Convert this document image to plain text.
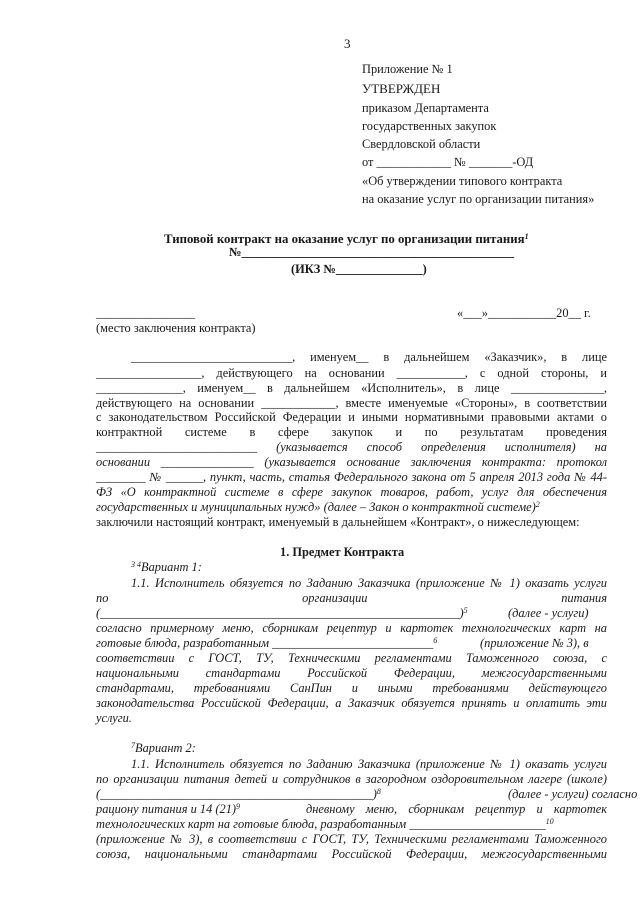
3
Приложение № 1
УТВЕРЖДЕН
приказом Департамента
государственных закупок
Свердловской области
от ____________ № _______-ОД
«Об утверждении типового контракта
на оказание услуг по организации питания»
Типовой контракт на оказание услуг по организации питания$^1$
№____________________________________________
(ИКЗ №______________)
________________	«___»___________20__ г.
(место заключения контракта)
__________________________, именуем__ в дальнейшем «Заказчик», в лице
_________________, действующего на основании ___________, с одной стороны, и
______________, именуем__ в дальнейшем «Исполнитель», в лице _______________,
действующего на основании ____________, вместе именуемые «Стороны», в соответствии
с законодательством Российской Федерации и иными нормативными правовыми актами о
контрактной системе в сфере закупок и по результатам проведения
__________________________ (указывается способ определения исполнителя) на
основании _______________ (указывается основание заключения контракта: протокол
________ № ______, пункт, часть, статья Федерального закона от 5 апреля 2013 года № 44-
ФЗ «О контрактной системе в сфере закупок товаров, работ, услуг для обеспечения
государственных и муниципальных нужд» (далее – Закон о контрактной системе)$^2$
заключили настоящий контракт, именуемый в дальнейшем «Контракт», о нижеследующем:
1. Предмет Контракта
$^{3 4}$Вариант 1:
1.1. Исполнитель обязуется по Заданию Заказчика (приложение № 1) оказать услуги
по организации питания
(__________________________________________________________)$^5$	(далее - услуги)
согласно примерному меню, сборникам рецептур и картотек технологических карт на
готовые блюда, разработанным __________________________$^6$	(приложение № 3), в
соответствии с ГОСТ, ТУ, Техническими регламентами Таможенного союза, с
национальными стандартами Российской Федерации, межгосударственными
стандартами, требованиями СанПин и иными требованиями действующего
законодательства Российской Федерации, а Заказчик обязуется принять и оплатить эти
услуги.
$^7$Вариант 2:
1.1. Исполнитель обязуется по Заданию Заказчика (приложение № 1) оказать услуги
по организации питания детей и сотрудников в загородном оздоровительном лагере (школе)
(____________________________________________)$^8$	(далее - услуги) согласно
рациону питания и 14 $(21)^9$	дневному меню, сборникам рецептур и картотек
технологических карт на готовые блюда, разработанным ______________________$^{10}$
(приложение № 3), в соответствии с ГОСТ, ТУ, Техническими регламентами Таможенного
союза, национальными стандартами Российской Федерации, межгосударственными
